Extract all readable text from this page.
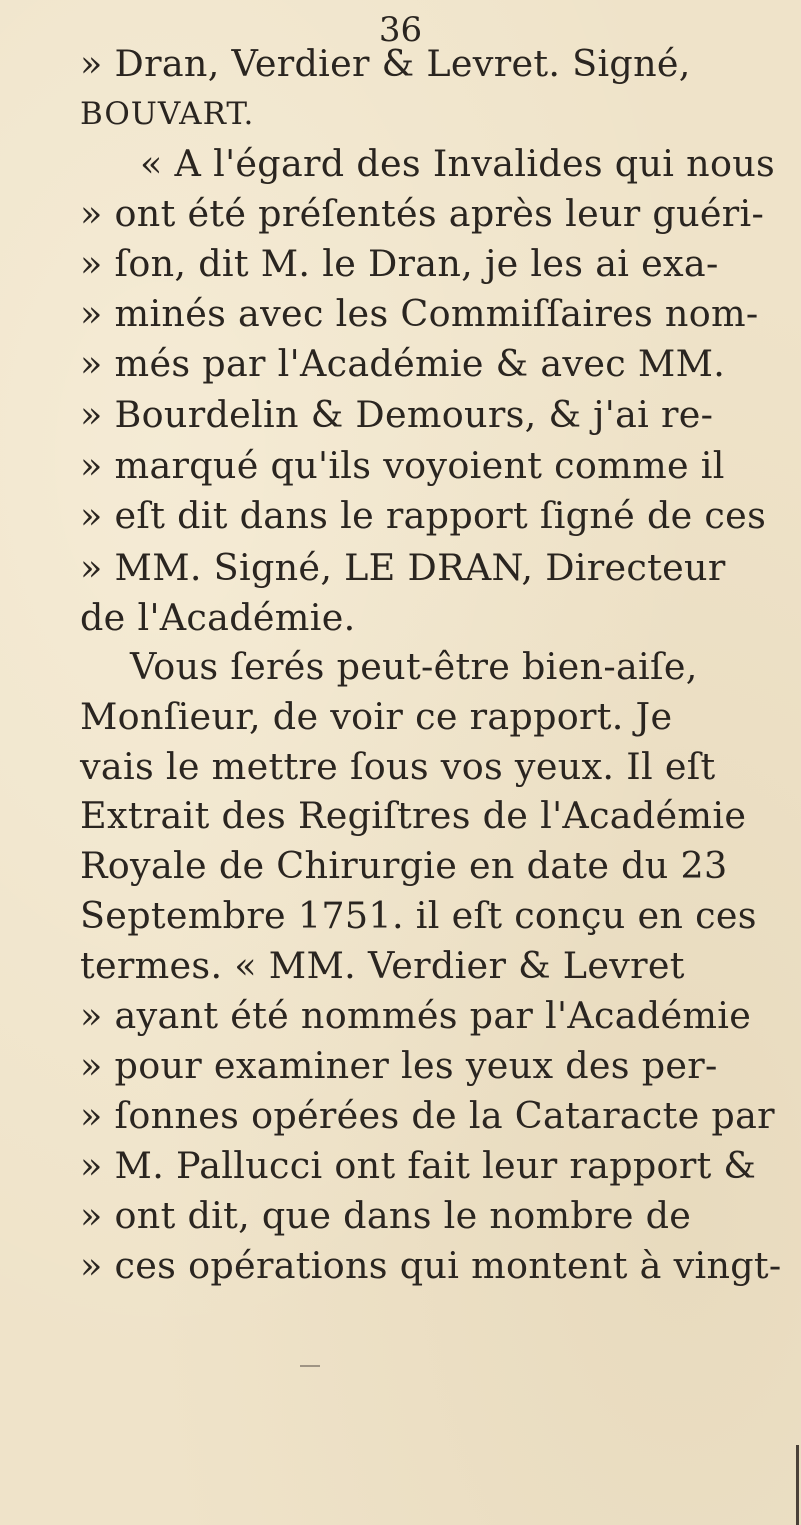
36
» Dran, Verdier & Levret. Signé,
BOUVART.
« A l'égard des Invalides qui nous
» ont été préſentés après leur guéri-
» ſon, dit M. le Dran, je les ai exa-
» minés avec les Commiſſaires nom-
» més par l'Académie & avec MM.
» Bourdelin & Demours, & j'ai re-
» marqué qu'ils voyoient comme il
» eſt dit dans le rapport ſigné de ces
» MM. Signé, LE DRAN, Directeur
de l'Académie.
Vous ſerés peut-être bien-aiſe,
Monſieur, de voir ce rapport. Je
vais le mettre ſous vos yeux. Il eſt
Extrait des Regiſtres de l'Académie
Royale de Chirurgie en date du 23
Septembre 1751. il eſt conçu en ces
termes. « MM. Verdier & Levret
» ayant été nommés par l'Académie
» pour examiner les yeux des per-
» ſonnes opérées de la Cataracte par
» M. Pallucci ont fait leur rapport &
» ont dit, que dans le nombre de
» ces opérations qui montent à vingt-
